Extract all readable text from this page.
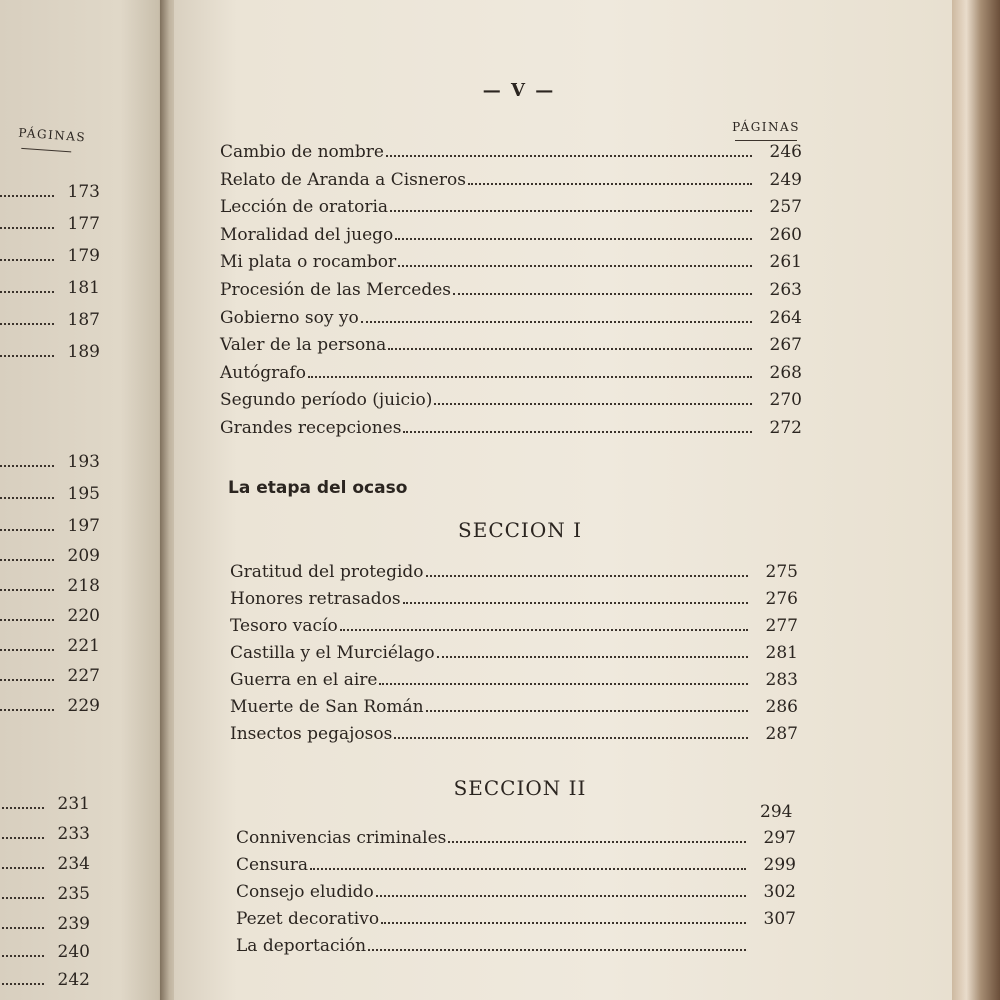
PÁGINAS
173
177
179
181
187
189
193
195
197
209
218
220
221
227
229
231
233
234
235
239
240
242
— V —
PÁGINAS
Cambio de nombre	246
Relato de Aranda a Cisneros	249
Lección de oratoria	257
Moralidad del juego	260
Mi plata o rocambor	261
Procesión de las Mercedes	263
Gobierno soy yo	264
Valer de la persona	267
Autógrafo	268
Segundo período (juicio)	270
Grandes recepciones	272
La etapa del ocaso
SECCION I
Gratitud del protegido	275
Honores retrasados	276
Tesoro vacío	277
Castilla y el Murciélago	281
Guerra en el aire	283
Muerte de San Román	286
Insectos pegajosos	287
SECCION II
294
Connivencias criminales	297
Censura	299
Consejo eludido	302
Pezet decorativo	307
La deportación
